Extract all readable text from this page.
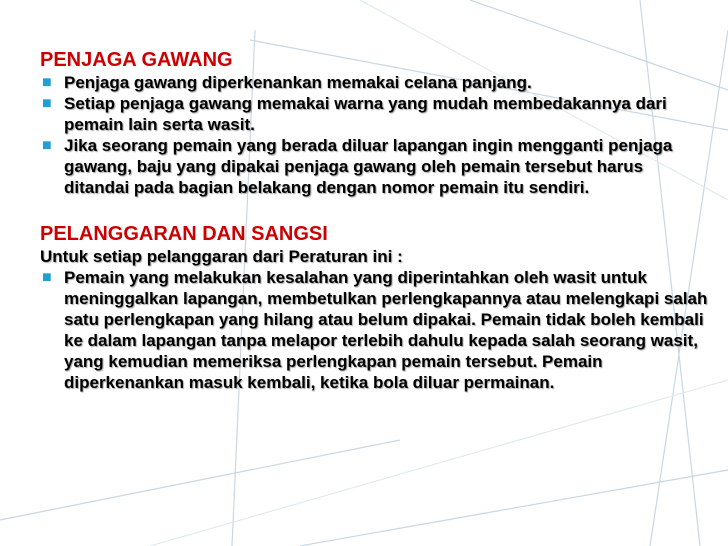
PENJAGA GAWANG
■ Penjaga gawang diperkenankan memakai celana panjang.
■ Setiap penjaga gawang memakai warna yang mudah membedakannya dari pemain lain serta wasit.
■ Jika seorang pemain yang berada diluar lapangan ingin mengganti penjaga gawang, baju yang dipakai penjaga gawang oleh pemain tersebut harus ditandai pada bagian belakang dengan nomor pemain itu sendiri.
PELANGGARAN DAN SANGSI

Untuk setiap pelanggaran dari Peraturan ini :

■ Pemain yang melakukan kesalahan yang diperintahkan oleh wasit untuk meninggalkan lapangan, membetulkan perlengkapannya atau melengkapi salah satu perlengkapan yang hilang atau belum dipakai. Pemain tidak boleh kembali ke dalam lapangan tanpa melapor terlebih dahulu kepada salah seorang wasit, yang kemudian memeriksa perlengkapan pemain tersebut. Pemain diperkenankan masuk kembali, ketika bola diluar permainan.
